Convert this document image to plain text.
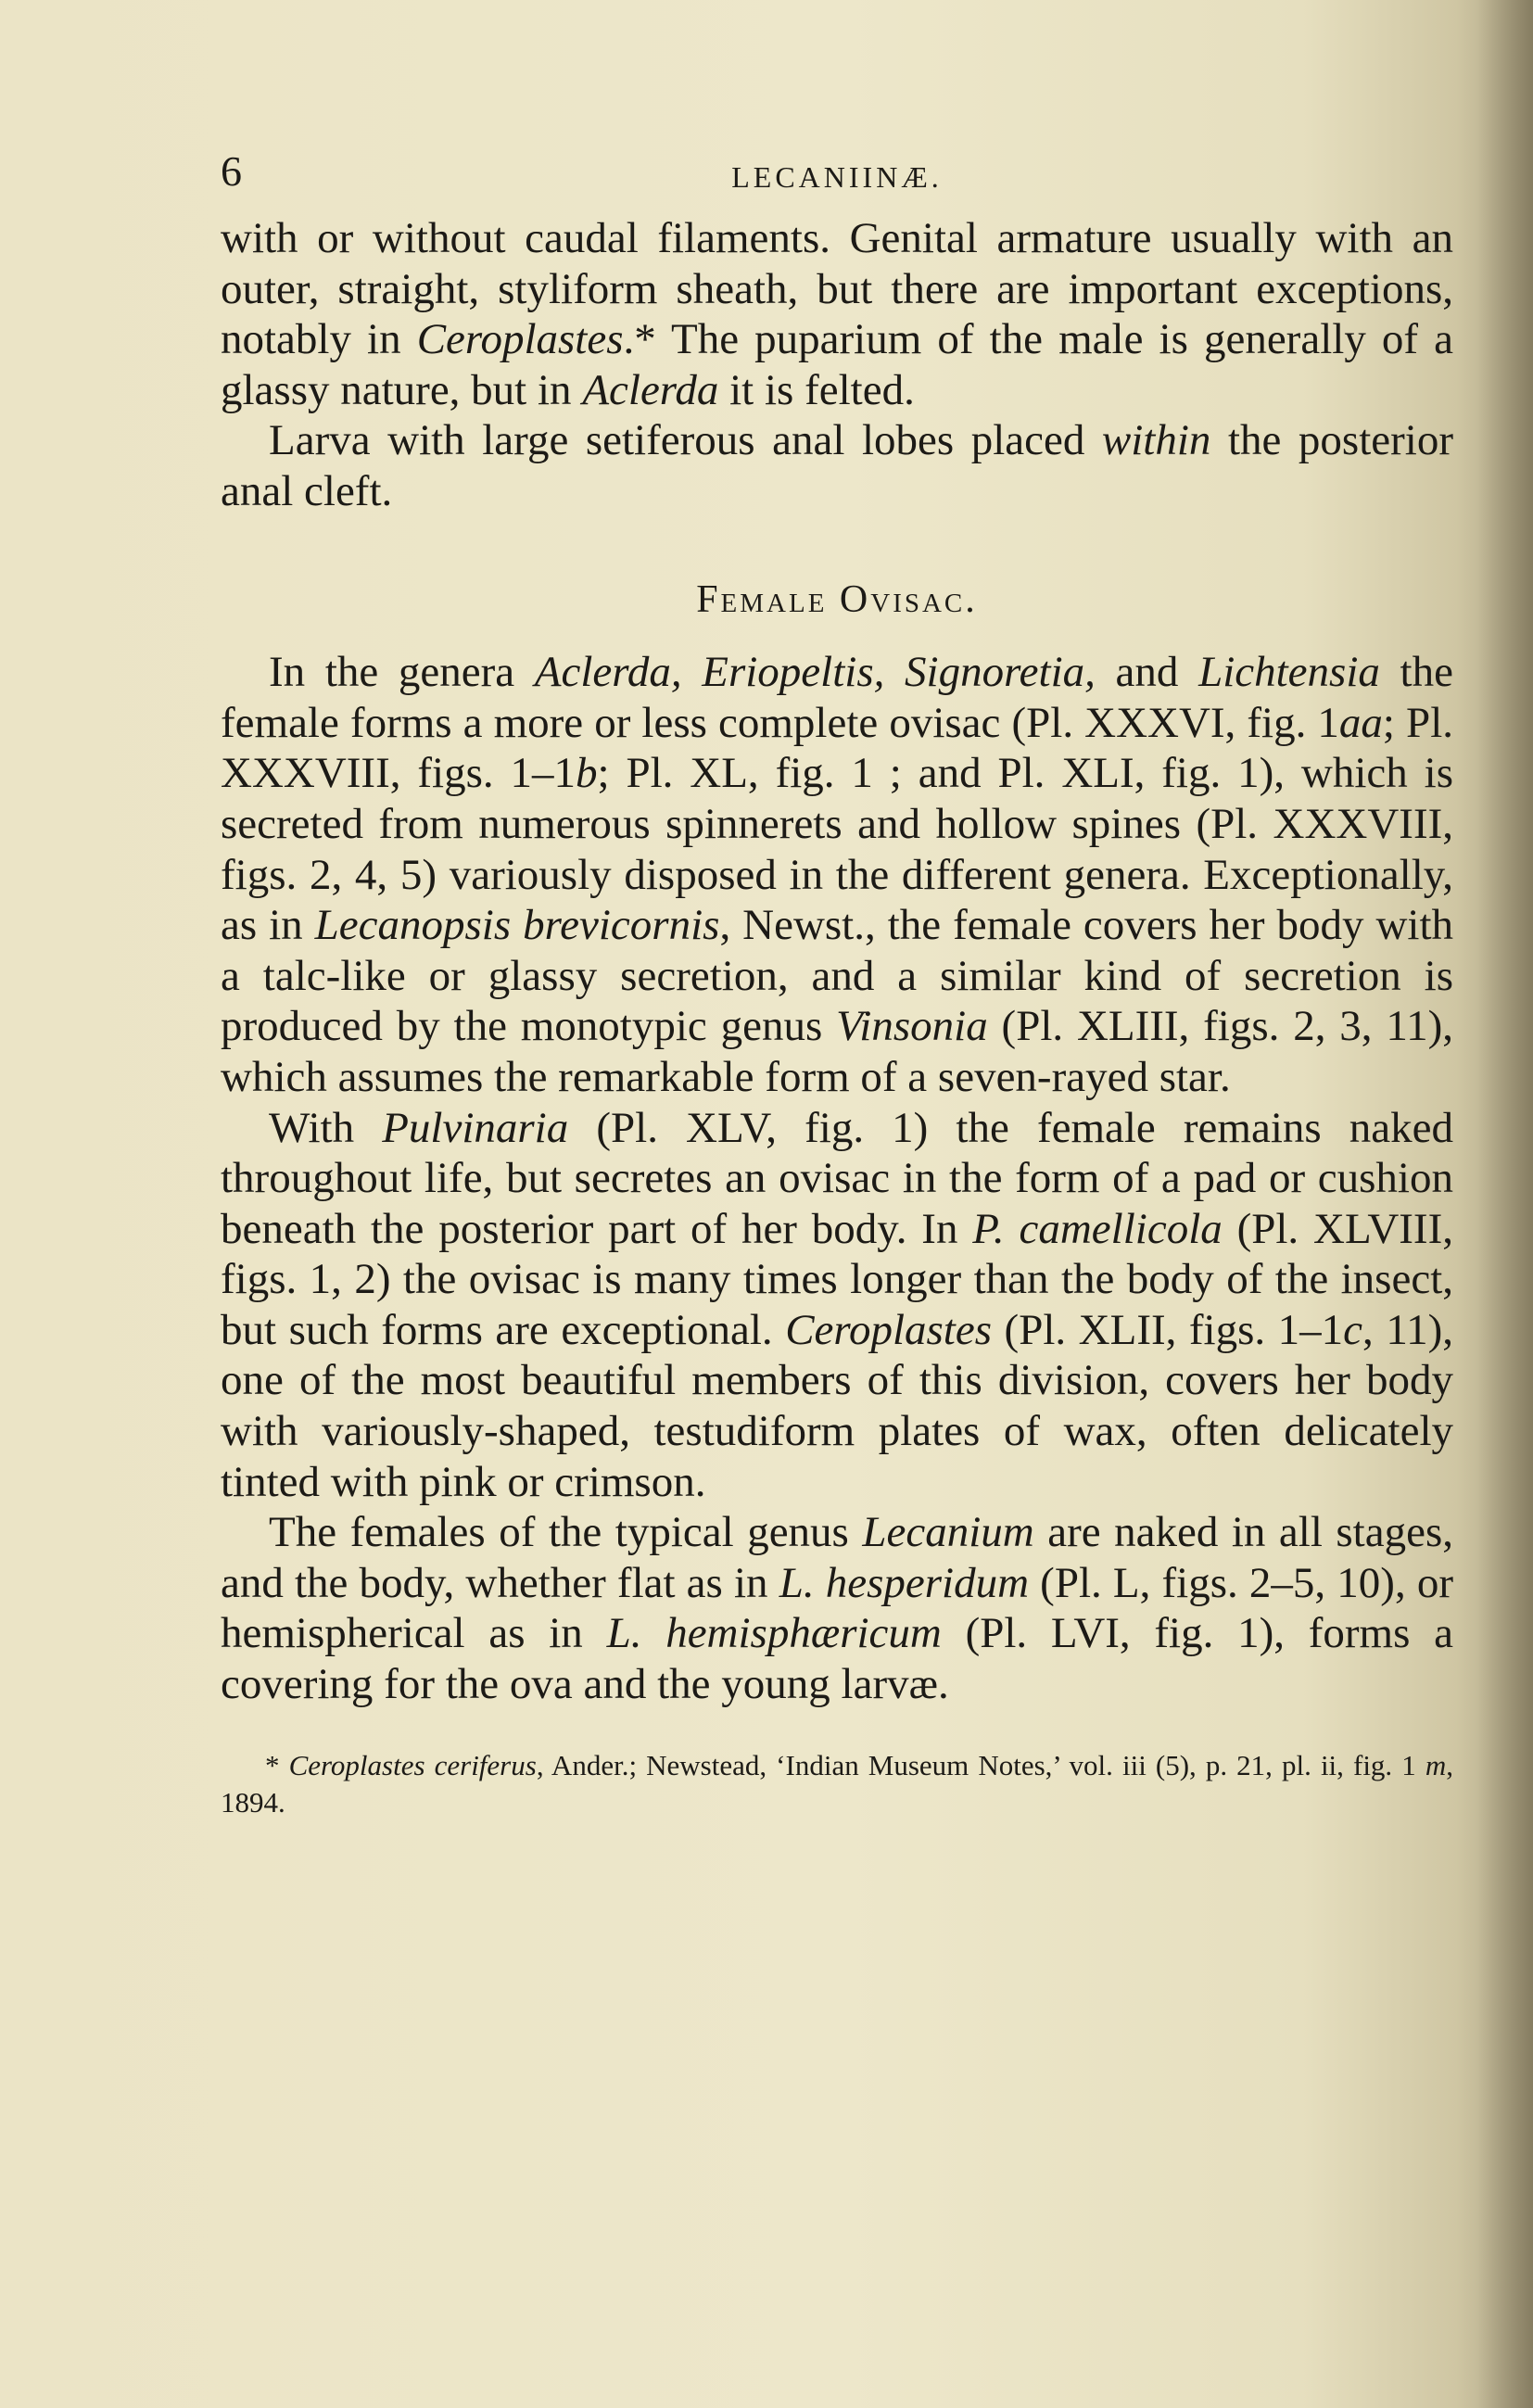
6	LECANIINÆ.

with or without caudal filaments. Genital armature usually with an outer, straight, styliform sheath, but there are important exceptions, notably in Ceroplastes.* The puparium of the male is generally of a glassy nature, but in Aclerda it is felted.

Larva with large setiferous anal lobes placed within the posterior anal cleft.

Female Ovisac.

In the genera Aclerda, Eriopeltis, Signoretia, and Lichtensia the female forms a more or less complete ovisac (Pl. XXXVI, fig. 1aa; Pl. XXXVIII, figs. 1–1b; Pl. XL, fig. 1 ; and Pl. XLI, fig. 1), which is secreted from numerous spinnerets and hollow spines (Pl. XXXVIII, figs. 2, 4, 5) variously disposed in the different genera. Exceptionally, as in Lecanopsis brevicornis, Newst., the female covers her body with a talc-like or glassy secretion, and a similar kind of secretion is produced by the monotypic genus Vinsonia (Pl. XLIII, figs. 2, 3, 11), which assumes the remarkable form of a seven-rayed star.

With Pulvinaria (Pl. XLV, fig. 1) the female remains naked throughout life, but secretes an ovisac in the form of a pad or cushion beneath the posterior part of her body. In P. camellicola (Pl. XLVIII, figs. 1, 2) the ovisac is many times longer than the body of the insect, but such forms are exceptional. Ceroplastes (Pl. XLII, figs. 1–1c, 11), one of the most beautiful members of this division, covers her body with variously-shaped, testudiform plates of wax, often delicately tinted with pink or crimson.

The females of the typical genus Lecanium are naked in all stages, and the body, whether flat as in L. hesperidum (Pl. L, figs. 2–5, 10), or hemispherical as in L. hemisphæricum (Pl. LVI, fig. 1), forms a covering for the ova and the young larvæ.

* Ceroplastes ceriferus, Ander.; Newstead, ‘Indian Museum Notes,’ vol. iii (5), p. 21, pl. ii, fig. 1 m, 1894.
